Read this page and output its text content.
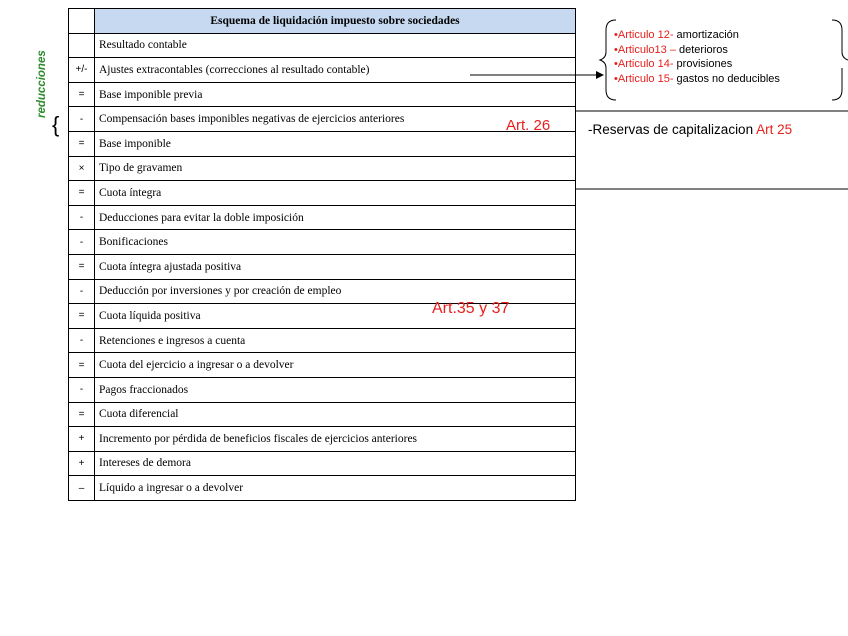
	Esquema de liquidación impuesto sobre sociedades
	Resultado contable
+/-	Ajustes extracontables (correcciones al resultado contable)
=	Base imponible previa
-	Compensación bases imponibles negativas de ejercicios anteriores
=	Base imponible
×	Tipo de gravamen
=	Cuota íntegra
-	Deducciones para evitar la doble imposición
-	Bonificaciones
=	Cuota íntegra ajustada positiva
-	Deducción por inversiones y por creación de empleo
=	Cuota líquida positiva
-	Retenciones e ingresos a cuenta
=	Cuota del ejercicio a ingresar o a devolver
-	Pagos fraccionados
=	Cuota diferencial
+	Incremento por pérdida de beneficios fiscales de ejercicios anteriores
+	Intereses de demora
–	Líquido a ingresar o a devolver
reducciones
{	Art. 26
Art.35 y 37
•Articulo 12- amortización
•Articulo13 – deterioros
•Articulo 14- provisiones
•Articulo 15- gastos no deducibles
-Reservas de capitalizacion Art 25
